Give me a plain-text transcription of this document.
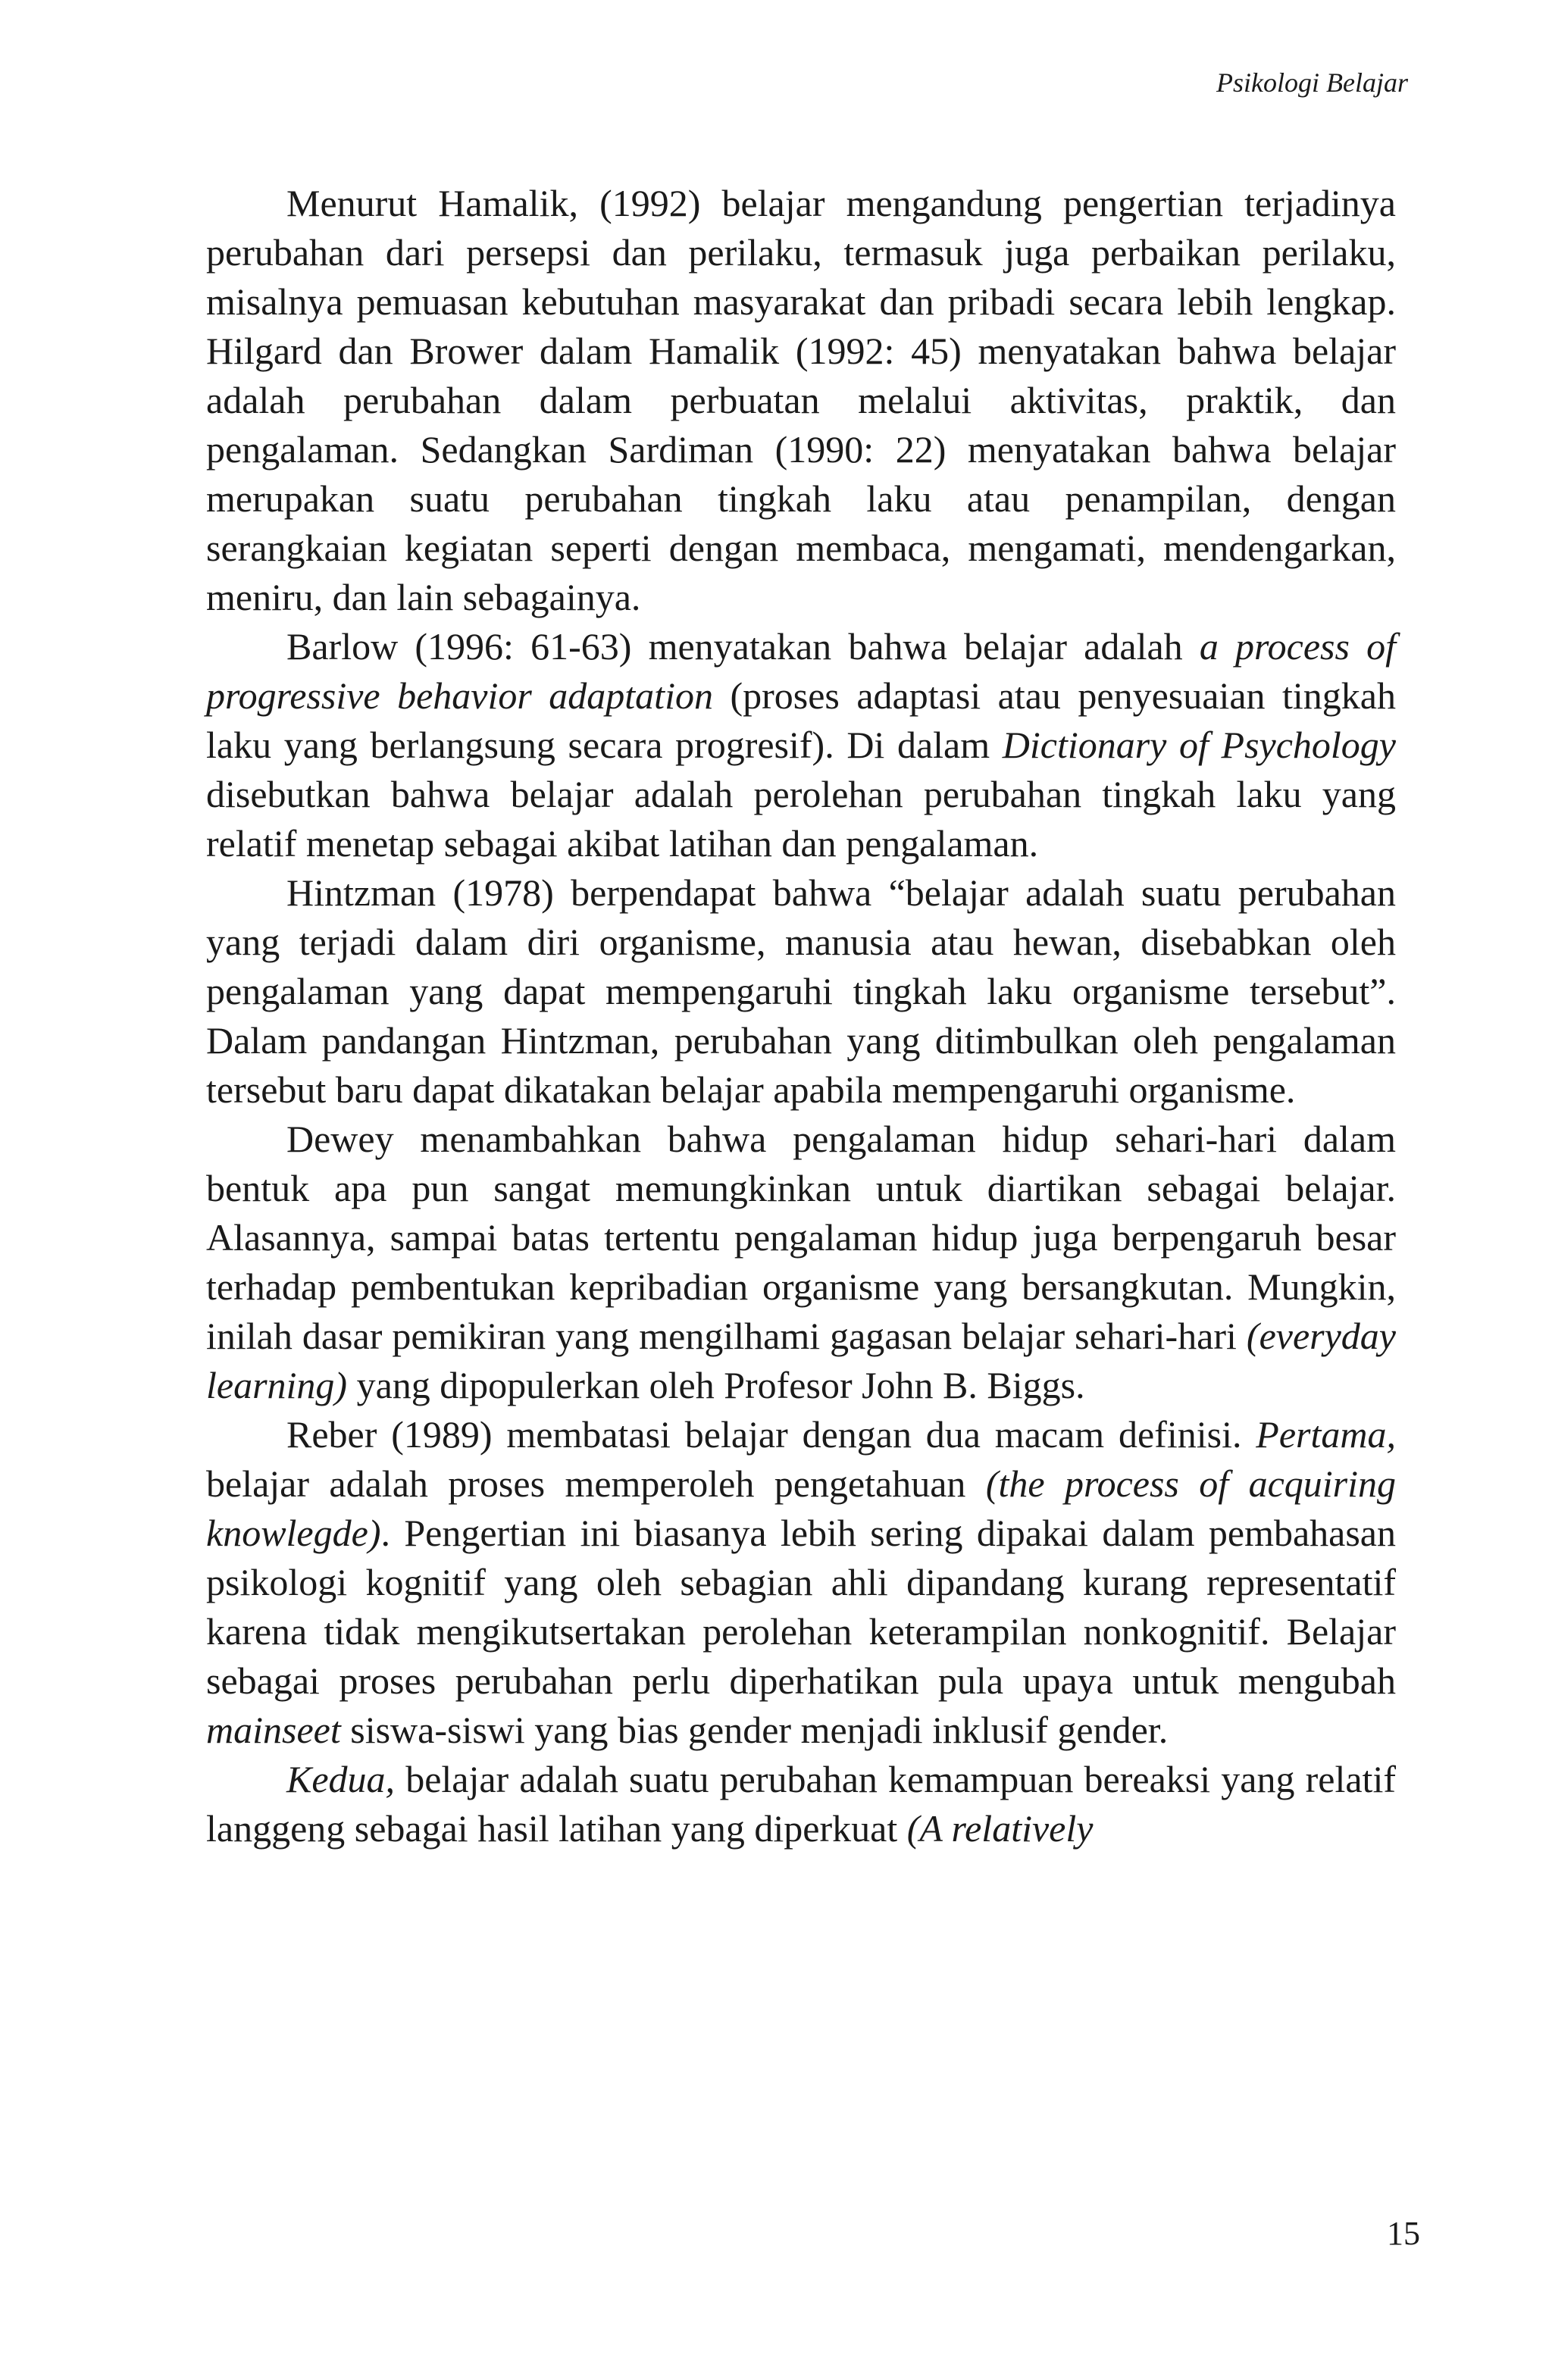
Psikologi Belajar

Menurut Hamalik, (1992) belajar mengandung pengertian terjadinya perubahan dari persepsi dan perilaku, termasuk juga perbaikan perilaku, misalnya pemuasan kebutuhan masyarakat dan pribadi secara lebih lengkap. Hilgard dan Brower dalam Hamalik (1992: 45) menyatakan bahwa belajar adalah perubahan dalam perbuatan melalui aktivitas, praktik, dan pengalaman. Sedangkan Sardiman (1990: 22) menyatakan bahwa belajar merupakan suatu perubahan tingkah laku atau penampilan, dengan serangkaian kegiatan seperti dengan membaca, mengamati, mendengarkan, meniru, dan lain sebagainya.

Barlow (1996: 61-63) menyatakan bahwa belajar adalah a process of progressive behavior adaptation (proses adaptasi atau penyesuaian tingkah laku yang berlangsung secara progresif). Di dalam Dictionary of Psychology disebutkan bahwa belajar adalah perolehan perubahan tingkah laku yang relatif menetap sebagai akibat latihan dan pengalaman.

Hintzman (1978) berpendapat bahwa “belajar adalah suatu perubahan yang terjadi dalam diri organisme, manusia atau hewan, disebabkan oleh pengalaman yang dapat mempengaruhi tingkah laku organisme tersebut”. Dalam pandangan Hintzman, perubahan yang ditimbulkan oleh pengalaman tersebut baru dapat dikatakan belajar apabila mempengaruhi organisme.

Dewey menambahkan bahwa pengalaman hidup sehari-hari dalam bentuk apa pun sangat memungkinkan untuk diartikan sebagai belajar. Alasannya, sampai batas tertentu pengalaman hidup juga berpengaruh besar terhadap pembentukan kepribadian organisme yang bersangkutan. Mungkin, inilah dasar pemikiran yang mengilhami gagasan belajar sehari-hari (everyday learning) yang dipopulerkan oleh Profesor John B. Biggs.

Reber (1989) membatasi belajar dengan dua macam definisi. Pertama, belajar adalah proses memperoleh pengetahuan (the process of acquiring knowlegde). Pengertian ini biasanya lebih sering dipakai dalam pembahasan psikologi kognitif yang oleh sebagian ahli dipandang kurang representatif karena tidak mengikutsertakan perolehan keterampilan nonkognitif. Belajar sebagai proses perubahan perlu diperhatikan pula upaya untuk mengubah mainseet siswa-siswi yang bias gender menjadi inklusif gender.

Kedua, belajar adalah suatu perubahan kemampuan bereaksi yang relatif langgeng sebagai hasil latihan yang diperkuat (A relatively

15
